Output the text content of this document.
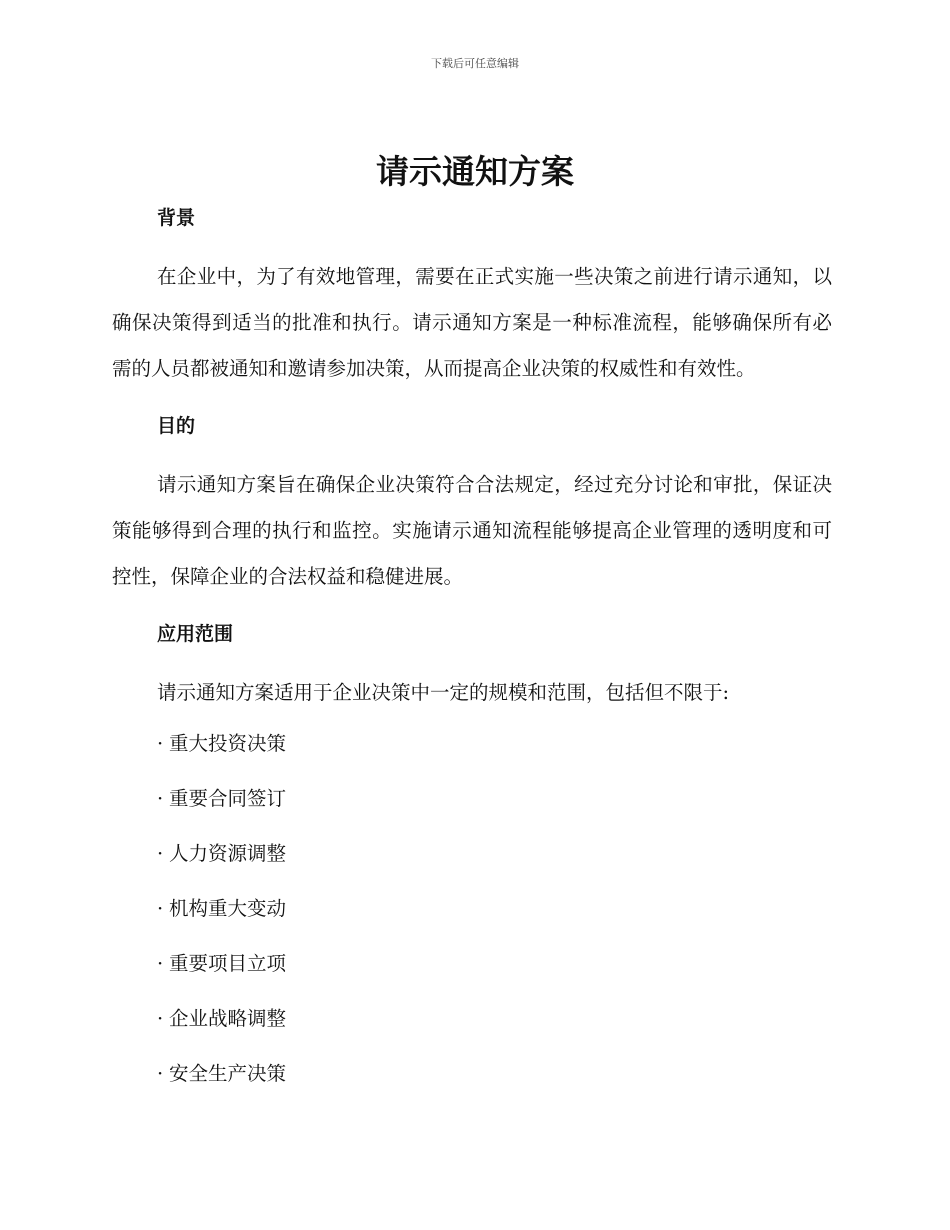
下载后可任意编辑
请示通知方案
背景

在企业中，为了有效地管理，需要在正式实施一些决策之前进行请示通知，以确保决策得到适当的批准和执行。请示通知方案是一种标准流程，能够确保所有必需的人员都被通知和邀请参加决策，从而提高企业决策的权威性和有效性。

目的

请示通知方案旨在确保企业决策符合合法规定，经过充分讨论和审批，保证决策能够得到合理的执行和监控。实施请示通知流程能够提高企业管理的透明度和可控性，保障企业的合法权益和稳健进展。

应用范围

请示通知方案适用于企业决策中一定的规模和范围，包括但不限于:

· 重大投资决策
· 重要合同签订
· 人力资源调整
· 机构重大变动
· 重要项目立项
· 企业战略调整
· 安全生产决策
